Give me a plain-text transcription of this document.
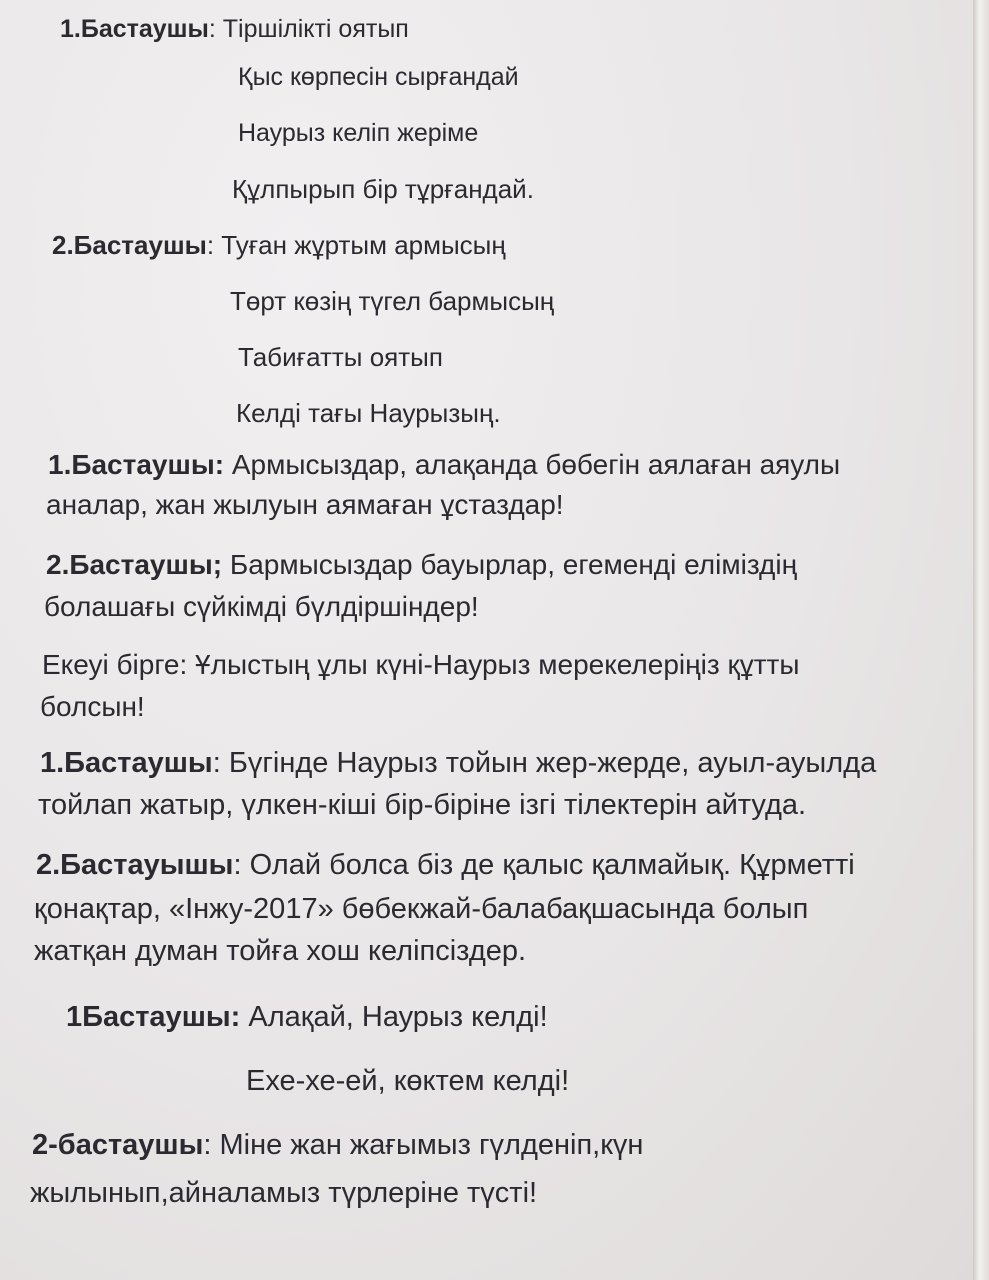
1.Бастаушы: Тіршілікті оятып

Қыс көрпесін сырғандай

Наурыз келіп жеріме

Құлпырып бір тұрғандай.

2.Бастаушы: Туған жұртым армысың

Төрт көзің түгел бармысың

Табиғатты оятып

Келді тағы Наурызың.

1.Бастаушы: Армысыздар, алақанда бөбегін аялаған аяулы

аналар, жан жылуын аямаған ұстаздар!

2.Бастаушы; Бармысыздар бауырлар, егеменді еліміздің

болашағы сүйкімді бүлдіршіндер!

Екеуі бірге: Ұлыстың ұлы күні-Наурыз мерекелеріңіз құтты

болсын!

1.Бастаушы: Бүгінде Наурыз тойын жер-жерде, ауыл-ауылда

тойлап жатыр, үлкен-кіші бір-біріне ізгі тілектерін айтуда.

2.Бастауышы: Олай болса біз де қалыс қалмайық. Құрметті

қонақтар, «Інжу-2017» бөбекжай-балабақшасында болып

жатқан думан тойға хош келіпсіздер.

1Бастаушы: Алақай, Наурыз келді!

Ехе-хе-ей, көктем келді!

2-бастаушы: Міне жан жағымыз гүлденіп,күн

жылынып,айналамыз түрлеріне түсті!
